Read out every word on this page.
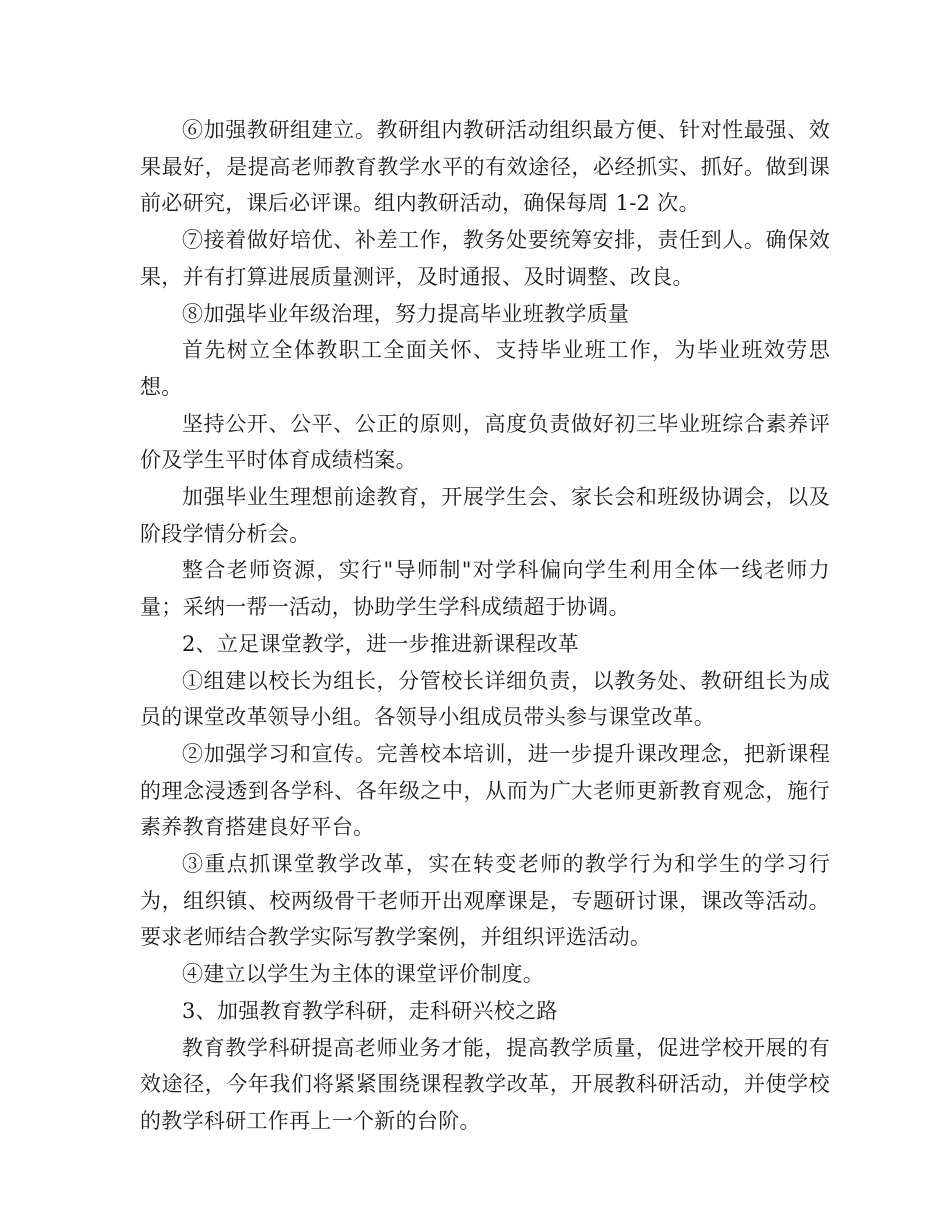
⑥加强教研组建立。教研组内教研活动组织最方便、针对性最强、效果最好，是提高老师教育教学水平的有效途径，必经抓实、抓好。做到课前必研究，课后必评课。组内教研活动，确保每周 1-2 次。

⑦接着做好培优、补差工作，教务处要统筹安排，责任到人。确保效果，并有打算进展质量测评，及时通报、及时调整、改良。

⑧加强毕业年级治理，努力提高毕业班教学质量

首先树立全体教职工全面关怀、支持毕业班工作，为毕业班效劳思想。

坚持公开、公平、公正的原则，高度负责做好初三毕业班综合素养评价及学生平时体育成绩档案。

加强毕业生理想前途教育，开展学生会、家长会和班级协调会，以及阶段学情分析会。

整合老师资源，实行"导师制"对学科偏向学生利用全体一线老师力量；采纳一帮一活动，协助学生学科成绩超于协调。

2、立足课堂教学，进一步推进新课程改革

①组建以校长为组长，分管校长详细负责，以教务处、教研组长为成员的课堂改革领导小组。各领导小组成员带头参与课堂改革。

②加强学习和宣传。完善校本培训，进一步提升课改理念，把新课程的理念浸透到各学科、各年级之中，从而为广大老师更新教育观念，施行素养教育搭建良好平台。

③重点抓课堂教学改革，实在转变老师的教学行为和学生的学习行为，组织镇、校两级骨干老师开出观摩课是，专题研讨课，课改等活动。要求老师结合教学实际写教学案例，并组织评选活动。

④建立以学生为主体的课堂评价制度。

3、加强教育教学科研，走科研兴校之路

教育教学科研提高老师业务才能，提高教学质量，促进学校开展的有效途径，今年我们将紧紧围绕课程教学改革，开展教科研活动，并使学校的教学科研工作再上一个新的台阶。
